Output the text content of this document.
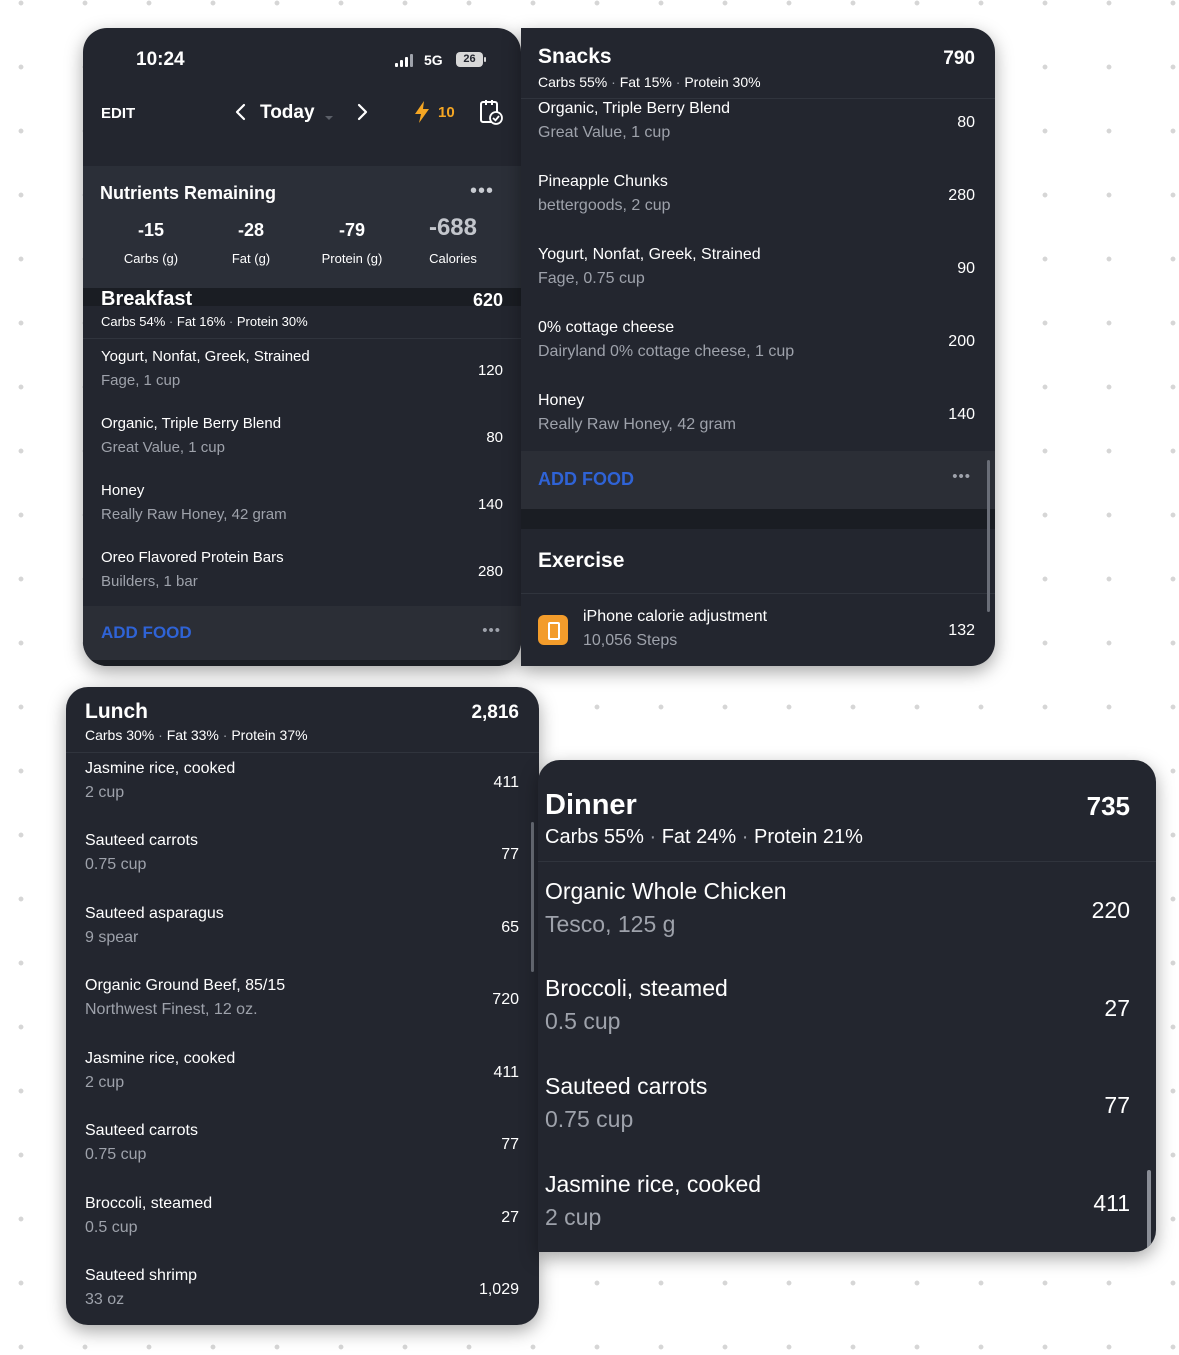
10:24	5G	26
EDIT	Today	10
Nutrients Remaining	•••
-15
Carbs (g)
-28
Fat (g)
-79
Protein (g)
-688
Calories
Breakfast	620
Carbs 54% · Fat 16% · Protein 30%
Yogurt, Nonfat, Greek, Strained
Fage, 1 cup
120
Organic, Triple Berry Blend
Great Value, 1 cup
80
Honey
Really Raw Honey, 42 gram
140
Oreo Flavored Protein Bars
Builders, 1 bar
280
ADD FOOD	•••
Snacks	790
Carbs 55% · Fat 15% · Protein 30%
Organic, Triple Berry Blend
Great Value, 1 cup
80
Pineapple Chunks
bettergoods, 2 cup
280
Yogurt, Nonfat, Greek, Strained
Fage, 0.75 cup
90
0% cottage cheese
Dairyland 0% cottage cheese, 1 cup
200
Honey
Really Raw Honey, 42 gram
140
ADD FOOD	•••
Exercise
iPhone calorie adjustment
10,056 Steps
132
Lunch	2,816
Carbs 30% · Fat 33% · Protein 37%
Jasmine rice, cooked
2 cup
411
Sauteed carrots
0.75 cup
77
Sauteed asparagus
9 spear
65
Organic Ground Beef, 85/15
Northwest Finest, 12 oz.
720
Jasmine rice, cooked
2 cup
411
Sauteed carrots
0.75 cup
77
Broccoli, steamed
0.5 cup
27
Sauteed shrimp
33 oz
1,029
Dinner	735
Carbs 55% · Fat 24% · Protein 21%
Organic Whole Chicken
Tesco, 125 g
220
Broccoli, steamed
0.5 cup	27
Sauteed carrots
0.75 cup
77
Jasmine rice, cooked
2 cup
411
